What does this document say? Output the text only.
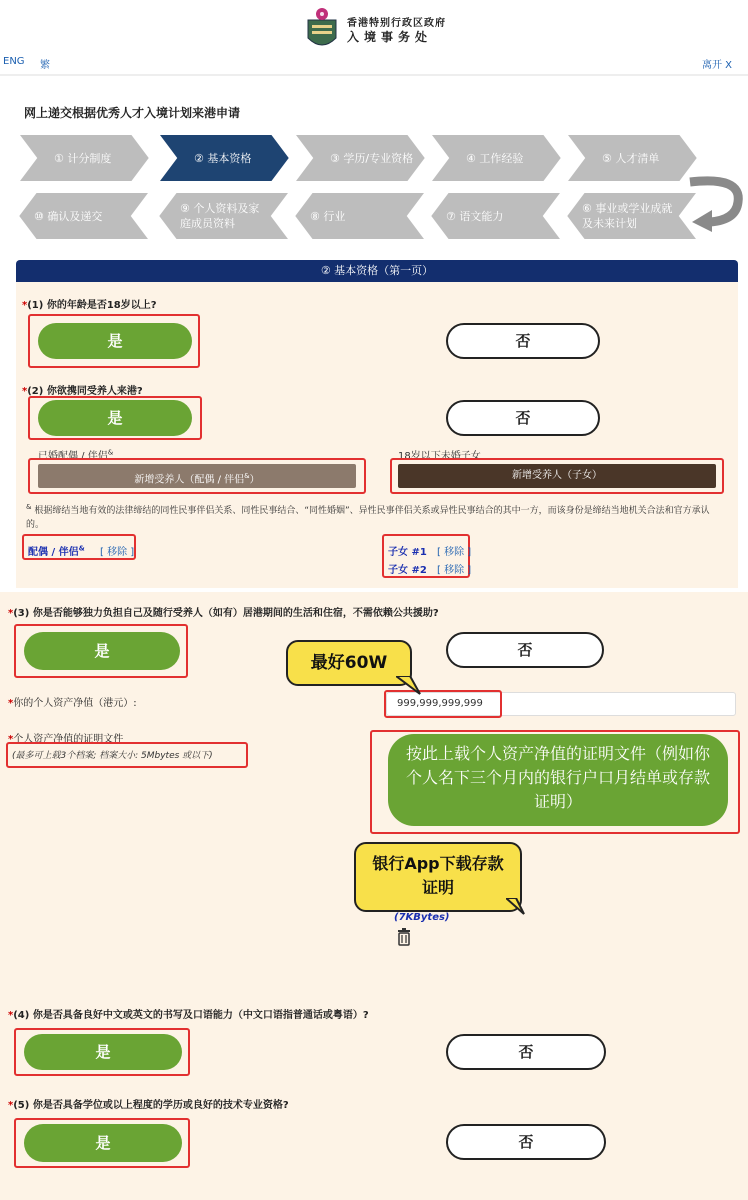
香港特别行政区政府
入境事务处
ENG 繁	离开 X
网上递交根据优秀人才入境计划来港申请
① 计分制度	② 基本资格	③ 学历/专业资格	④ 工作经验	⑤ 人才清单
⑩ 确认及递交
⑨ 个人资料及家庭成员资料
⑧ 行业	⑦ 语文能力
⑥ 事业或学业成就及未来计划
② 基本资格（第一页）
*(1) 你的年龄是否18岁以上?
是	否
*(2) 你欲携同受养人来港?
是	否
已婚配偶 / 伴侣&	18岁以下未婚子女
新增受养人（配偶 / 伴侣&）	新增受养人（子女）
& 根据缔结当地有效的法律缔结的同性民事伴侣关系、同性民事结合、“同性婚姻”、异性民事伴侣关系或异性民事结合的其中一方，而该身份是缔结当地机关合法和官方承认的。
配偶 / 伴侣& [ 移除 ]	子女 #1 [ 移除 ]
子女 #2 [ 移除 ]
*(3) 你是否能够独力负担自己及随行受养人（如有）居港期间的生活和住宿，不需依赖公共援助?
是	否
*你的个人资产净值（港元）:	999,999,999,999
*个人资产净值的证明文件
(最多可上载3个档案; 档案大小: 5Mbytes 或以下)
(7KBytes)
*(4) 你是否具备良好中文或英文的书写及口语能力（中文口语指普通话或粤语）?
是	否
*(5) 你是否具备学位或以上程度的学历或良好的技术专业资格?
是	否
最好60W
按此上载个人资产净值的证明文件（例如你个人名下三个月内的银行户口月结单或存款证明）
银行App下载存款证明
